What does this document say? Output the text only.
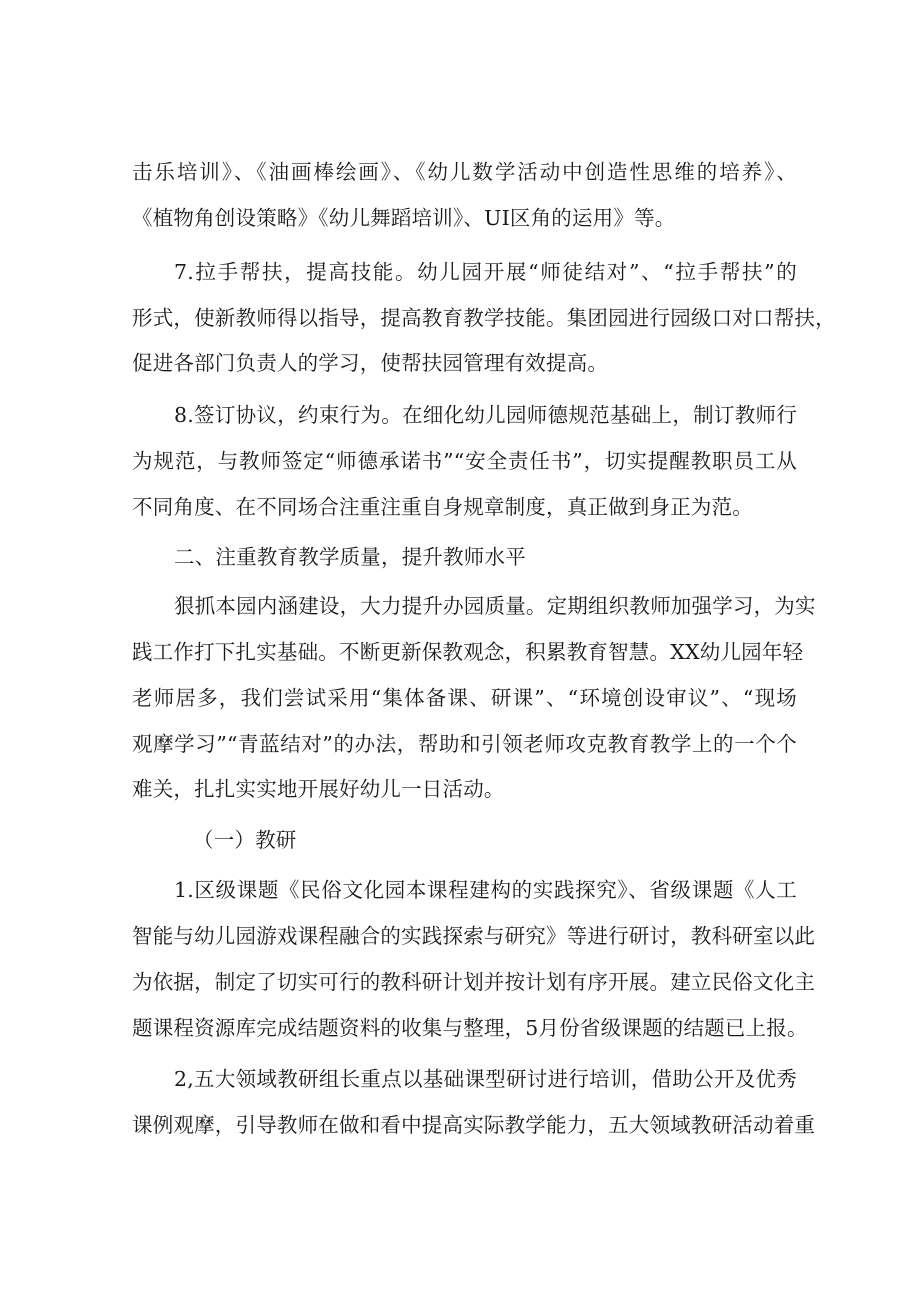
击乐培训》、《油画棒绘画》、《幼儿数学活动中创造性思维的培养》、
《植物角创设策略》《幼儿舞蹈培训》、UI区角的运用》等。
7.拉手帮扶，提高技能。幼儿园开展“师徒结对”、“拉手帮扶”的
形式，使新教师得以指导，提高教育教学技能。集团园进行园级口对口帮扶，
促进各部门负责人的学习，使帮扶园管理有效提高。
8.签订协议，约束行为。在细化幼儿园师德规范基础上，制订教师行
为规范，与教师签定“师德承诺书”“安全责任书”，切实提醒教职员工从
不同角度、在不同场合注重注重自身规章制度，真正做到身正为范。
二、注重教育教学质量，提升教师水平
狠抓本园内涵建设，大力提升办园质量。定期组织教师加强学习，为实
践工作打下扎实基础。不断更新保教观念，积累教育智慧。XX幼儿园年轻
老师居多，我们尝试采用“集体备课、研课”、“环境创设审议”、“现场
观摩学习”“青蓝结对”的办法，帮助和引领老师攻克教育教学上的一个个
难关，扎扎实实地开展好幼儿一日活动。
（一）教研
1.区级课题《民俗文化园本课程建构的实践探究》、省级课题《人工
智能与幼儿园游戏课程融合的实践探索与研究》等进行研讨，教科研室以此
为依据，制定了切实可行的教科研计划并按计划有序开展。建立民俗文化主
题课程资源库完成结题资料的收集与整理，5月份省级课题的结题已上报。
2,五大领域教研组长重点以基础课型研讨进行培训，借助公开及优秀
课例观摩，引导教师在做和看中提高实际教学能力，五大领域教研活动着重
